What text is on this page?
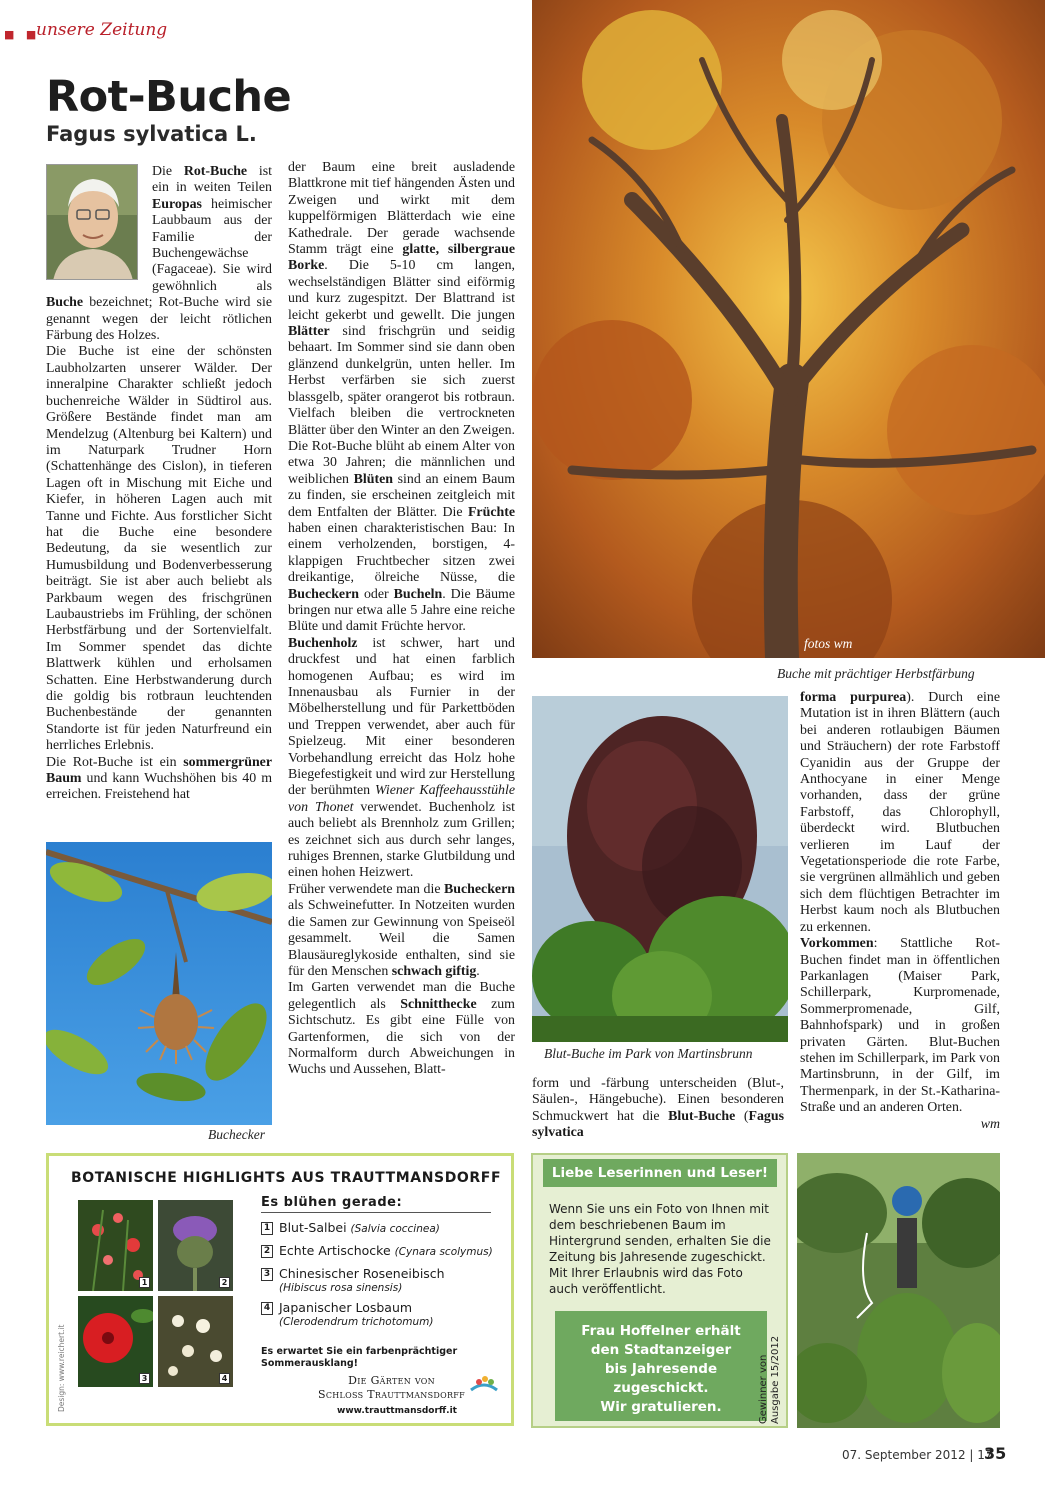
■ ■
unsere Zeitung
Rot-Buche
Fagus sylvatica L.

Die Rot-Buche ist ein in weiten Teilen Europas heimischer Laubbaum aus der Familie der Buchengewächse (Fagaceae). Sie wird gewöhnlich als Buche bezeichnet; Rot-Buche wird sie genannt wegen der leicht rötlichen Färbung des Holzes.

Die Buche ist eine der schönsten Laubholzarten unserer Wälder. Der inneralpine Charakter schließt jedoch buchenreiche Wälder in Südtirol aus. Größere Bestände findet man am Mendelzug (Altenburg bei Kaltern) und im Naturpark Trudner Horn (Schattenhänge des Cislon), in tieferen Lagen oft in Mischung mit Eiche und Kiefer, in höheren Lagen auch mit Tanne und Fichte. Aus forstlicher Sicht hat die Buche eine besondere Bedeutung, da sie wesentlich zur Humusbildung und Bodenverbesserung beiträgt. Sie ist aber auch beliebt als Parkbaum wegen des frischgrünen Laubaustriebs im Frühling, der schönen Herbstfärbung und der Sortenvielfalt. Im Sommer spendet das dichte Blattwerk kühlen und erholsamen Schatten. Eine Herbstwanderung durch die goldig bis rotbraun leuchtenden Buchenbestände der genannten Standorte ist für jeden Naturfreund ein herrliches Erlebnis.

Die Rot-Buche ist ein sommergrüner Baum und kann Wuchshöhen bis 40 m erreichen. Freistehend hat

Buchecker

der Baum eine breit ausladende Blattkrone mit tief hängenden Ästen und Zweigen und wirkt mit dem kuppelförmigen Blätterdach wie eine Kathedrale. Der gerade wachsende Stamm trägt eine glatte, silbergraue Borke. Die 5-10 cm langen, wechselständigen Blätter sind eiförmig und kurz zugespitzt. Der Blattrand ist leicht gekerbt und gewellt. Die jungen Blätter sind frischgrün und seidig behaart. Im Sommer sind sie dann oben glänzend dunkelgrün, unten heller. Im Herbst verfärben sie sich zuerst blassgelb, später orangerot bis rotbraun. Vielfach bleiben die vertrockneten Blätter über den Winter an den Zweigen. Die Rot-Buche blüht ab einem Alter von etwa 30 Jahren; die männlichen und weiblichen Blüten sind an einem Baum zu finden, sie erscheinen zeitgleich mit dem Entfalten der Blätter. Die Früchte haben einen charakteristischen Bau: In einem verholzenden, borstigen, 4-klappigen Fruchtbecher sitzen zwei dreikantige, ölreiche Nüsse, die Bucheckern oder Bucheln. Die Bäume bringen nur etwa alle 5 Jahre eine reiche Blüte und damit Früchte hervor.

Buchenholz ist schwer, hart und druckfest und hat einen farblich homogenen Aufbau; es wird im Innenausbau als Furnier in der Möbelherstellung und für Parkettböden und Treppen verwendet, aber auch für Spielzeug. Mit einer besonderen Vorbehandlung erreicht das Holz hohe Biegefestigkeit und wird zur Herstellung der berühmten Wiener Kaffeehausstühle von Thonet verwendet. Buchenholz ist auch beliebt als Brennholz zum Grillen; es zeichnet sich aus durch sehr langes, ruhiges Brennen, starke Glutbildung und einen hohen Heizwert.

Früher verwendete man die Bucheckern als Schweinefutter. In Notzeiten wurden die Samen zur Gewinnung von Speiseöl gesammelt. Weil die Samen Blausäureglykoside enthalten, sind sie für den Menschen schwach giftig.

Im Garten verwendet man die Buche gelegentlich als Schnitthecke zum Sichtschutz. Es gibt eine Fülle von Gartenformen, die sich von der Normalform durch Abweichungen in Wuchs und Aussehen, Blatt-

fotos wm
Buche mit prächtiger Herbstfärbung
Blut-Buche im Park von Martinsbrunn

form und -färbung unterscheiden (Blut-, Säulen-, Hängebuche). Einen besonderen Schmuckwert hat die Blut-Buche (Fagus sylvatica

forma purpurea). Durch eine Mutation ist in ihren Blättern (auch bei anderen rotlaubigen Bäumen und Sträuchern) der rote Farbstoff Cyanidin aus der Gruppe der Anthocyane in einer Menge vorhanden, dass der grüne Farbstoff, das Chlorophyll, überdeckt wird. Blutbuchen verlieren im Lauf der Vegetationsperiode die rote Farbe, sie vergrünen allmählich und geben sich dem flüchtigen Betrachter im Herbst kaum noch als Blutbuchen zu erkennen.

Vorkommen: Stattliche Rot-Buchen findet man in öffentlichen Parkanlagen (Maiser Park, Schillerpark, Kurpromenade, Sommerpromenade, Gilf, Bahnhofspark) und in großen privaten Gärten. Blut-Buchen stehen im Schillerpark, im Park von Martinsbrunn, in der Gilf, im Thermenpark, in der St.-Katharina-Straße und an anderen Orten.

wm

BOTANISCHE HIGHLIGHTS AUS TRAUTTMANSDORFF
Es blühen gerade:
1	2
3	4
1 Blut-Salbei (Salvia coccinea)
2 Echte Artischocke (Cynara scolymus)
3 Chinesischer Roseneibisch
(Hibiscus rosa sinensis)
4 Japanischer Losbaum
(Clerodendrum trichotomum)
Es erwartet Sie ein farbenprächtiger
Sommerausklang!
Die Gärten von
Schloss Trauttmansdorff
www.trauttmansdorff.it
Design: www.reichert.it
Liebe Leserinnen und Leser!
Wenn Sie uns ein Foto von Ihnen mit dem beschriebenen Baum im Hintergrund senden, erhalten Sie die Zeitung bis Jahresende zugeschickt. Mit Ihrer Erlaubnis wird das Foto auch veröffentlicht.
Frau Hoffelner erhält
den Stadtanzeiger
bis Jahresende
zugeschickt.
Wir gratulieren.	Gewinner von Ausgabe 15/2012
07. September 2012 | 17
35
